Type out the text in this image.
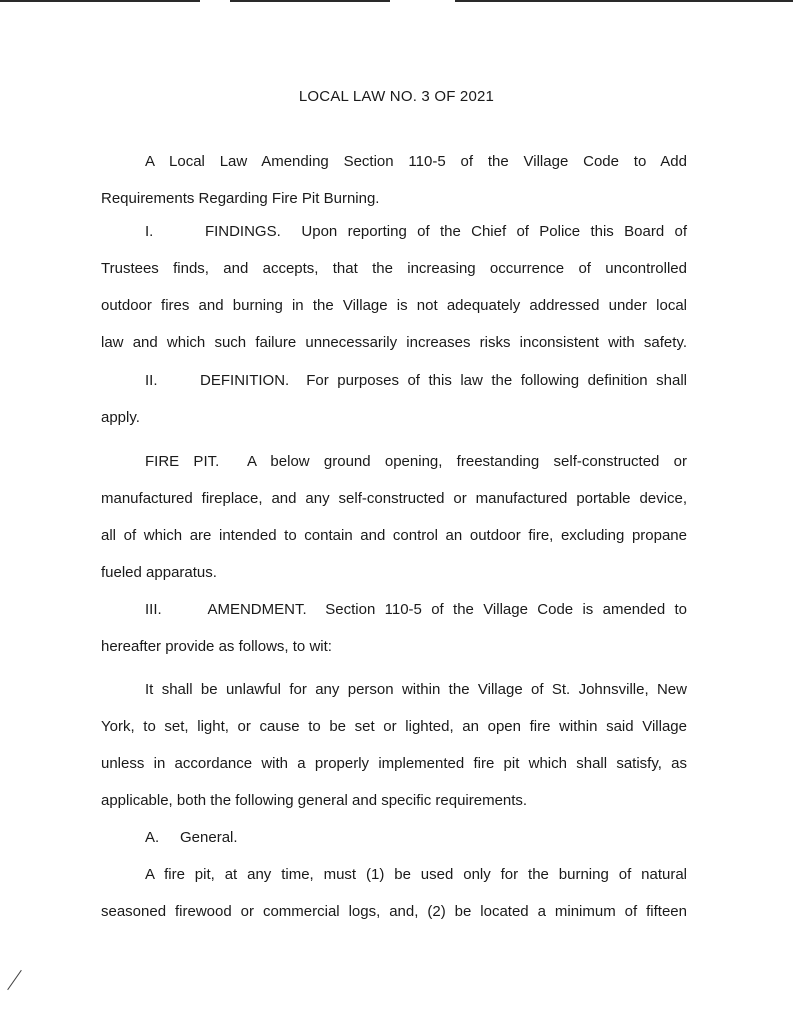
LOCAL LAW NO. 3 OF 2021
A Local Law Amending Section 110-5 of the Village Code to Add
Requirements Regarding Fire Pit Burning.
I.     FINDINGS.  Upon reporting of the Chief of Police this Board of
Trustees finds, and accepts, that the increasing occurrence of uncontrolled
outdoor fires and burning in the Village is not adequately addressed under local
law and which such failure unnecessarily increases risks inconsistent with safety.
II.     DEFINITION.  For purposes of this law the following definition shall
apply.
FIRE PIT.  A below ground opening, freestanding self-constructed or
manufactured fireplace, and any self-constructed or manufactured portable device,
all of which are intended to contain and control an outdoor fire, excluding propane
fueled apparatus.
III.     AMENDMENT.  Section 110-5 of the Village Code is amended to
hereafter provide as follows, to wit:
It shall be unlawful for any person within the Village of St. Johnsville, New
York, to set, light, or cause to be set or lighted, an open fire within said Village
unless in accordance with a properly implemented fire pit which shall satisfy, as
applicable, both the following general and specific requirements.
A.     General.
A fire pit, at any time, must (1) be used only for the burning of natural
seasoned firewood or commercial logs, and, (2) be located a minimum of fifteen
